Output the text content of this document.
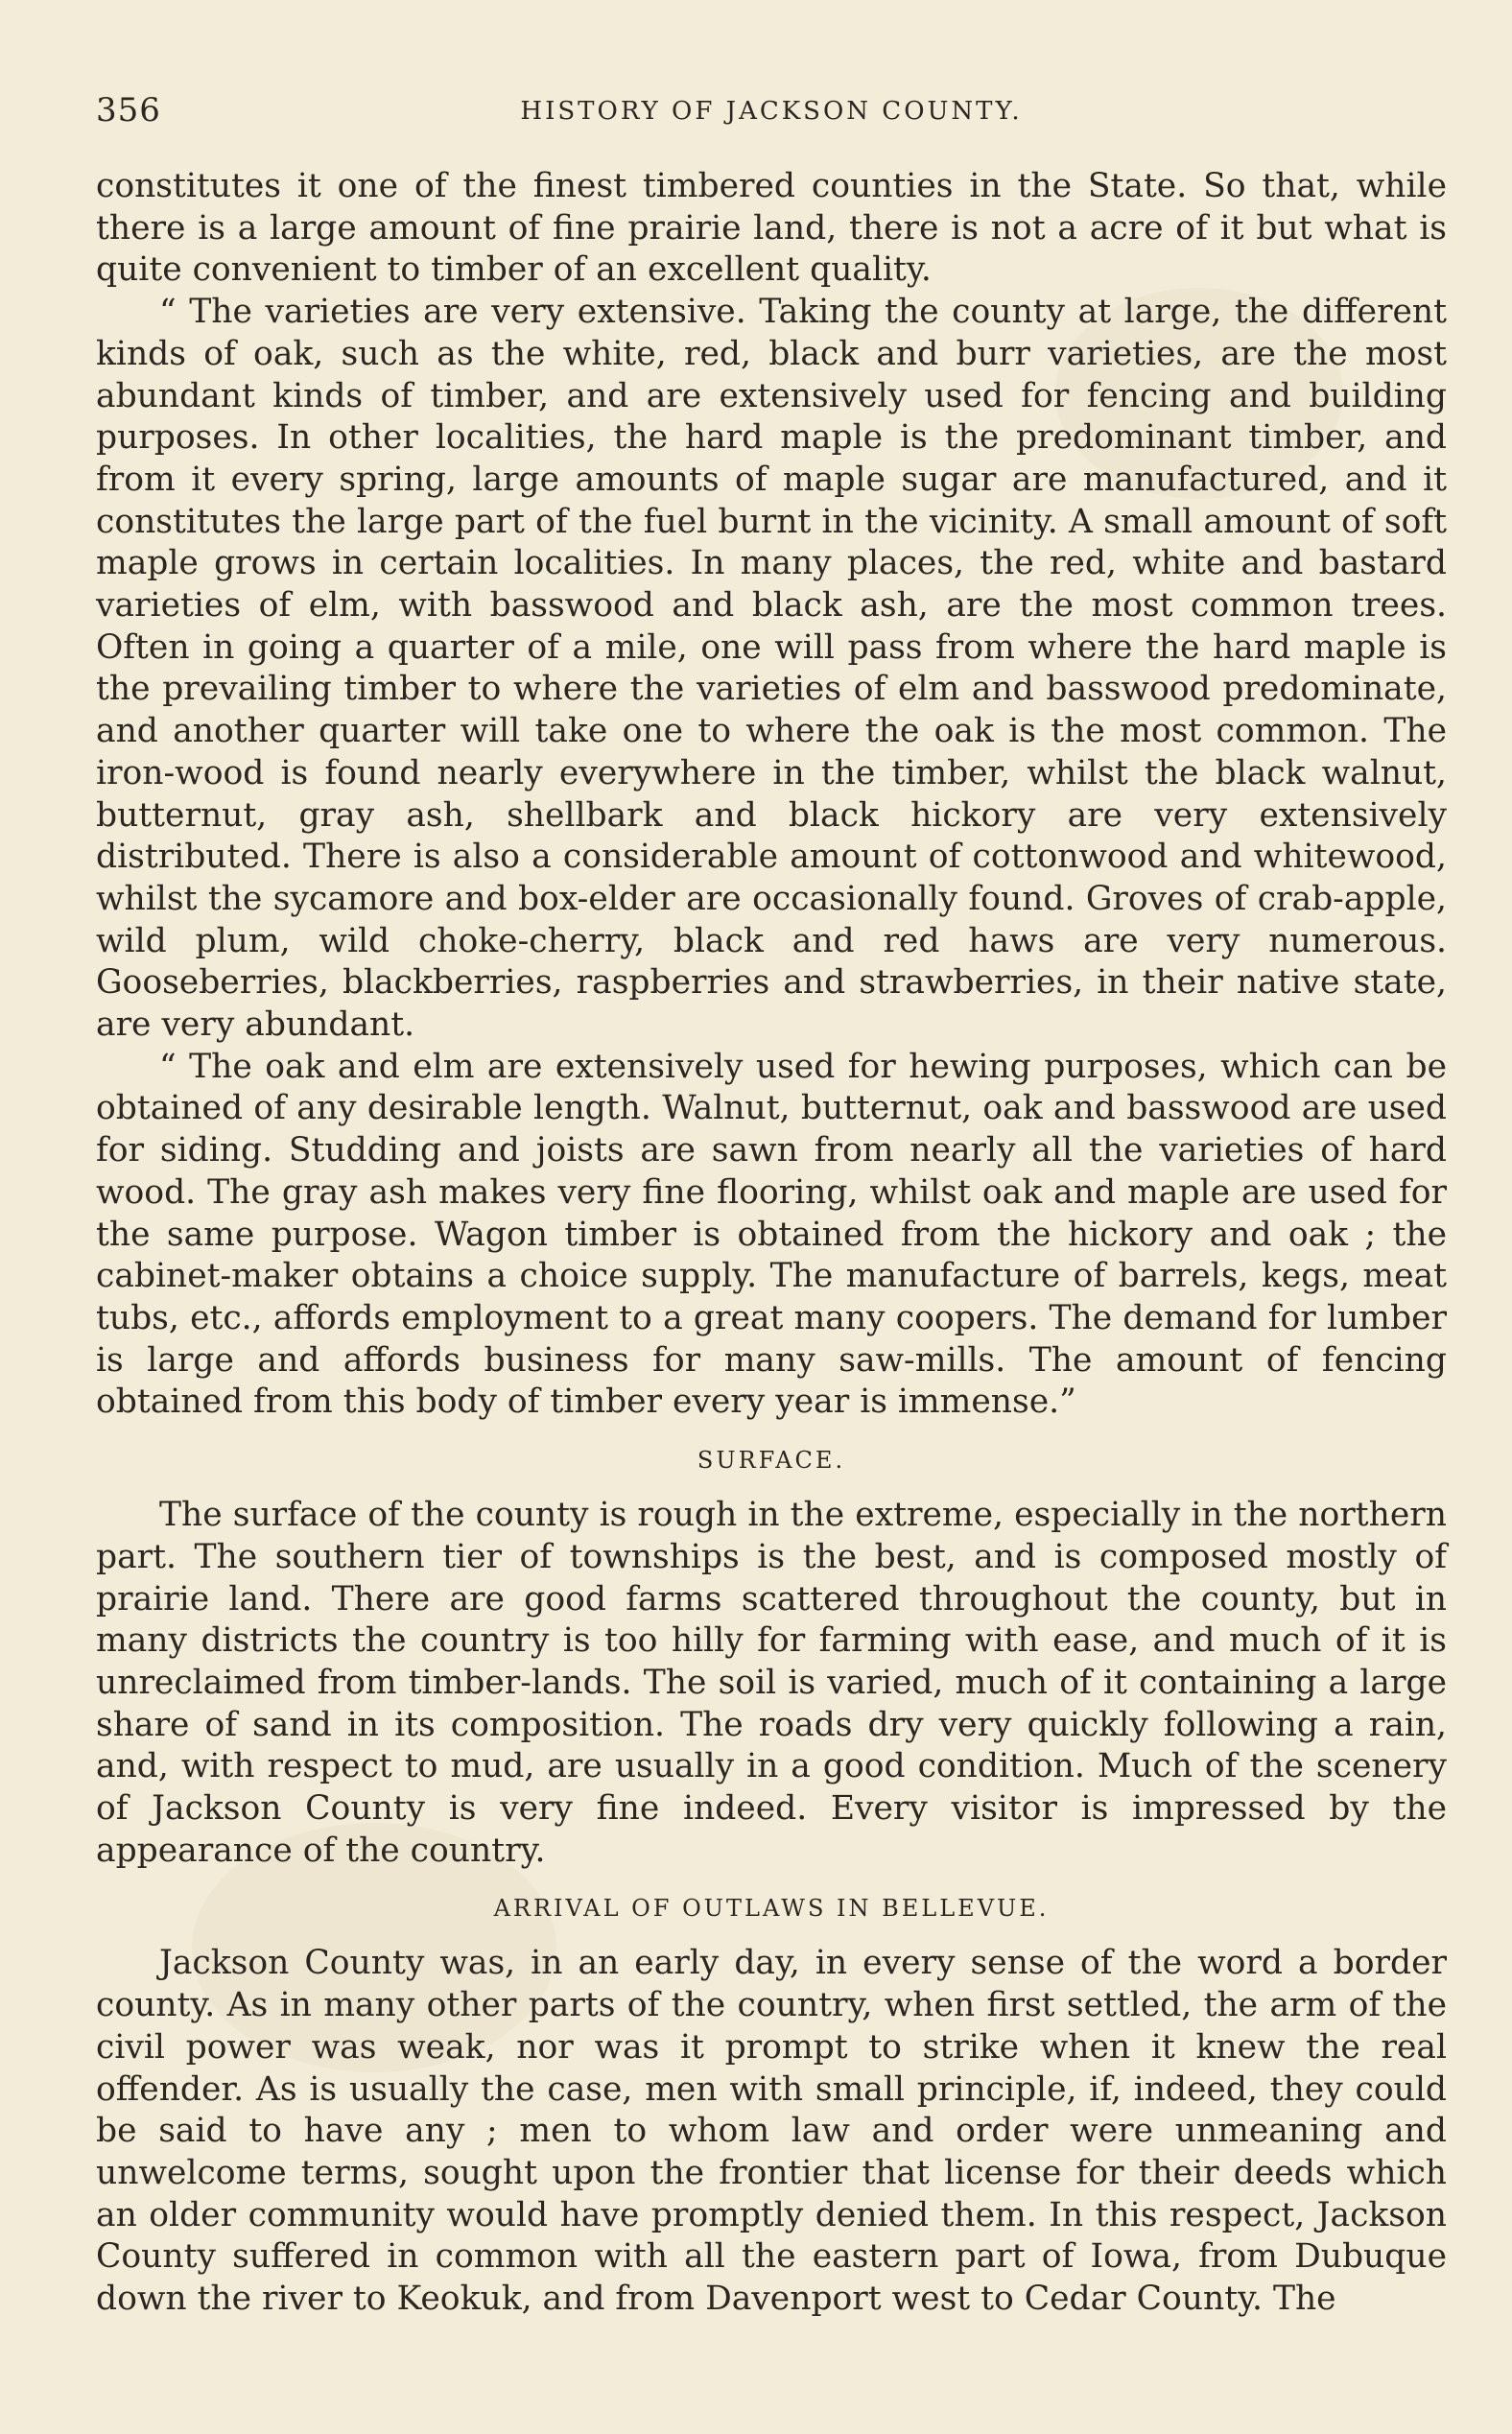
356	HISTORY OF JACKSON COUNTY.

constitutes it one of the finest timbered counties in the State. So that, while there is a large amount of fine prairie land, there is not a acre of it but what is quite convenient to timber of an excellent quality.

“ The varieties are very extensive. Taking the county at large, the different kinds of oak, such as the white, red, black and burr varieties, are the most abundant kinds of timber, and are extensively used for fencing and building purposes. In other localities, the hard maple is the predominant timber, and from it every spring, large amounts of maple sugar are manufactured, and it constitutes the large part of the fuel burnt in the vicinity. A small amount of soft maple grows in certain localities. In many places, the red, white and bastard varieties of elm, with basswood and black ash, are the most common trees. Often in going a quarter of a mile, one will pass from where the hard maple is the prevailing timber to where the varieties of elm and basswood predominate, and another quarter will take one to where the oak is the most common. The iron-wood is found nearly everywhere in the timber, whilst the black walnut, butternut, gray ash, shellbark and black hickory are very extensively distributed. There is also a considerable amount of cottonwood and whitewood, whilst the sycamore and box-elder are occasionally found. Groves of crab-apple, wild plum, wild choke-cherry, black and red haws are very numerous. Gooseberries, blackberries, raspberries and strawberries, in their native state, are very abundant.

“ The oak and elm are extensively used for hewing purposes, which can be obtained of any desirable length. Walnut, butternut, oak and basswood are used for siding. Studding and joists are sawn from nearly all the varieties of hard wood. The gray ash makes very fine flooring, whilst oak and maple are used for the same purpose. Wagon timber is obtained from the hickory and oak ; the cabinet-maker obtains a choice supply. The manufacture of barrels, kegs, meat tubs, etc., affords employment to a great many coopers. The demand for lumber is large and affords business for many saw-mills. The amount of fencing obtained from this body of timber every year is immense.”

SURFACE.

The surface of the county is rough in the extreme, especially in the northern part. The southern tier of townships is the best, and is composed mostly of prairie land. There are good farms scattered throughout the county, but in many districts the country is too hilly for farming with ease, and much of it is unreclaimed from timber-lands. The soil is varied, much of it containing a large share of sand in its composition. The roads dry very quickly following a rain, and, with respect to mud, are usually in a good condition. Much of the scenery of Jackson County is very fine indeed. Every visitor is impressed by the appearance of the country.

ARRIVAL OF OUTLAWS IN BELLEVUE.

Jackson County was, in an early day, in every sense of the word a border county. As in many other parts of the country, when first settled, the arm of the civil power was weak, nor was it prompt to strike when it knew the real offender. As is usually the case, men with small principle, if, indeed, they could be said to have any ; men to whom law and order were unmeaning and unwelcome terms, sought upon the frontier that license for their deeds which an older community would have promptly denied them. In this respect, Jackson County suffered in common with all the eastern part of Iowa, from Dubuque down the river to Keokuk, and from Davenport west to Cedar County. The
